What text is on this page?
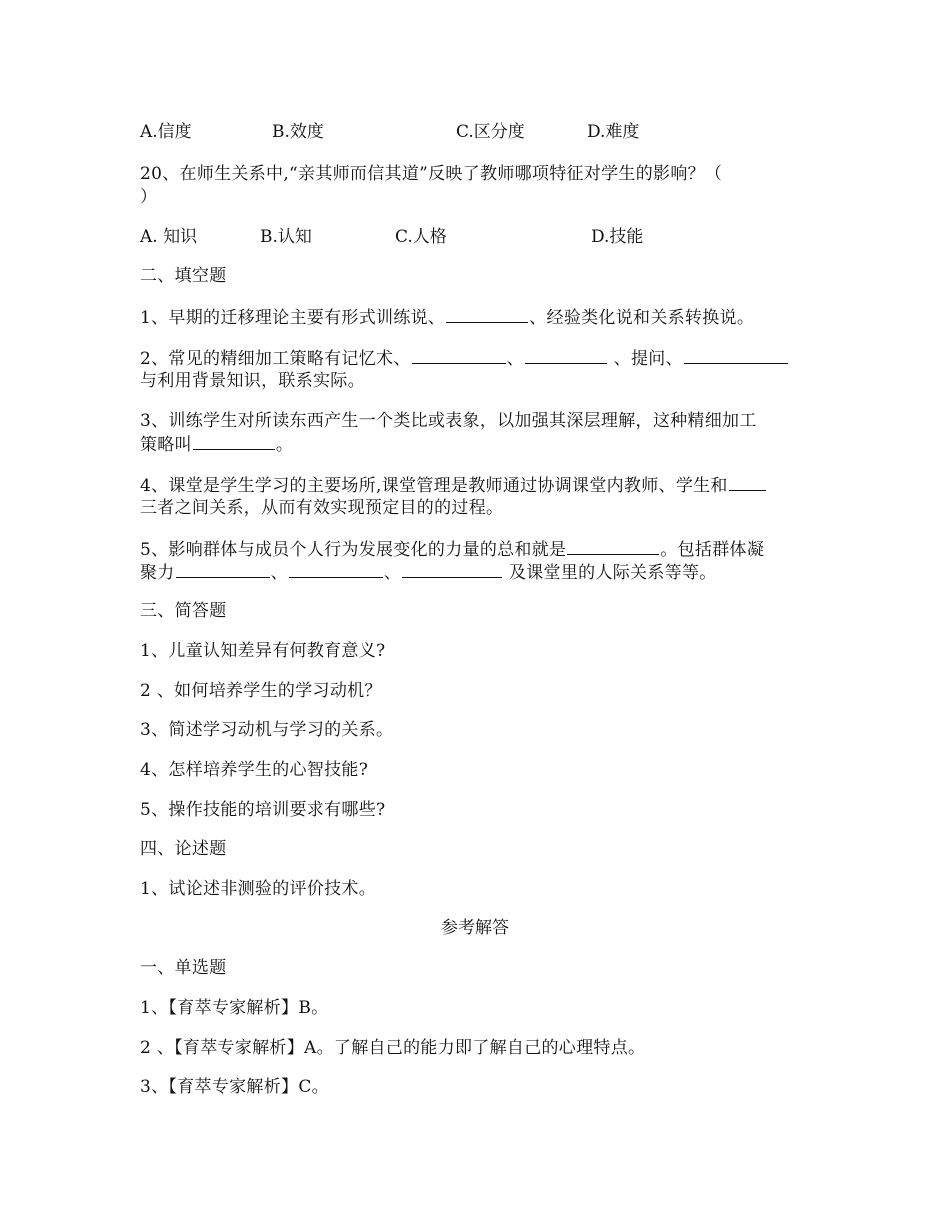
A.信度	B.效度	C.区分度	D.难度
20、在师生关系中,“亲其师而信其道”反映了教师哪项特征对学生的影响？（
）
A. 知识	B.认知	C.人格	D.技能
二、填空题
1、早期的迁移理论主要有形式训练说、	、经验类化说和关系转换说。
2、常见的精细加工策略有记忆术、	、	、提问、
与利用背景知识，联系实际。
3、训练学生对所读东西产生一个类比或表象，以加强其深层理解，这种精细加工
策略叫	。
4、课堂是学生学习的主要场所,课堂管理是教师通过协调课堂内教师、学生和
三者之间关系，从而有效实现预定目的的过程。
5、影响群体与成员个人行为发展变化的力量的总和就是	。包括群体凝
聚力	、	、	及课堂里的人际关系等等。
三、简答题
1、儿童认知差异有何教育意义?
2 、如何培养学生的学习动机？
3、简述学习动机与学习的关系。
4、怎样培养学生的心智技能?
5、操作技能的培训要求有哪些?
四、论述题
1、试论述非测验的评价技术。
参考解答
一、单选题
1、【育萃专家解析】B。
2 、【育萃专家解析】A。了解自己的能力即了解自己的心理特点。
3、【育萃专家解析】C。
